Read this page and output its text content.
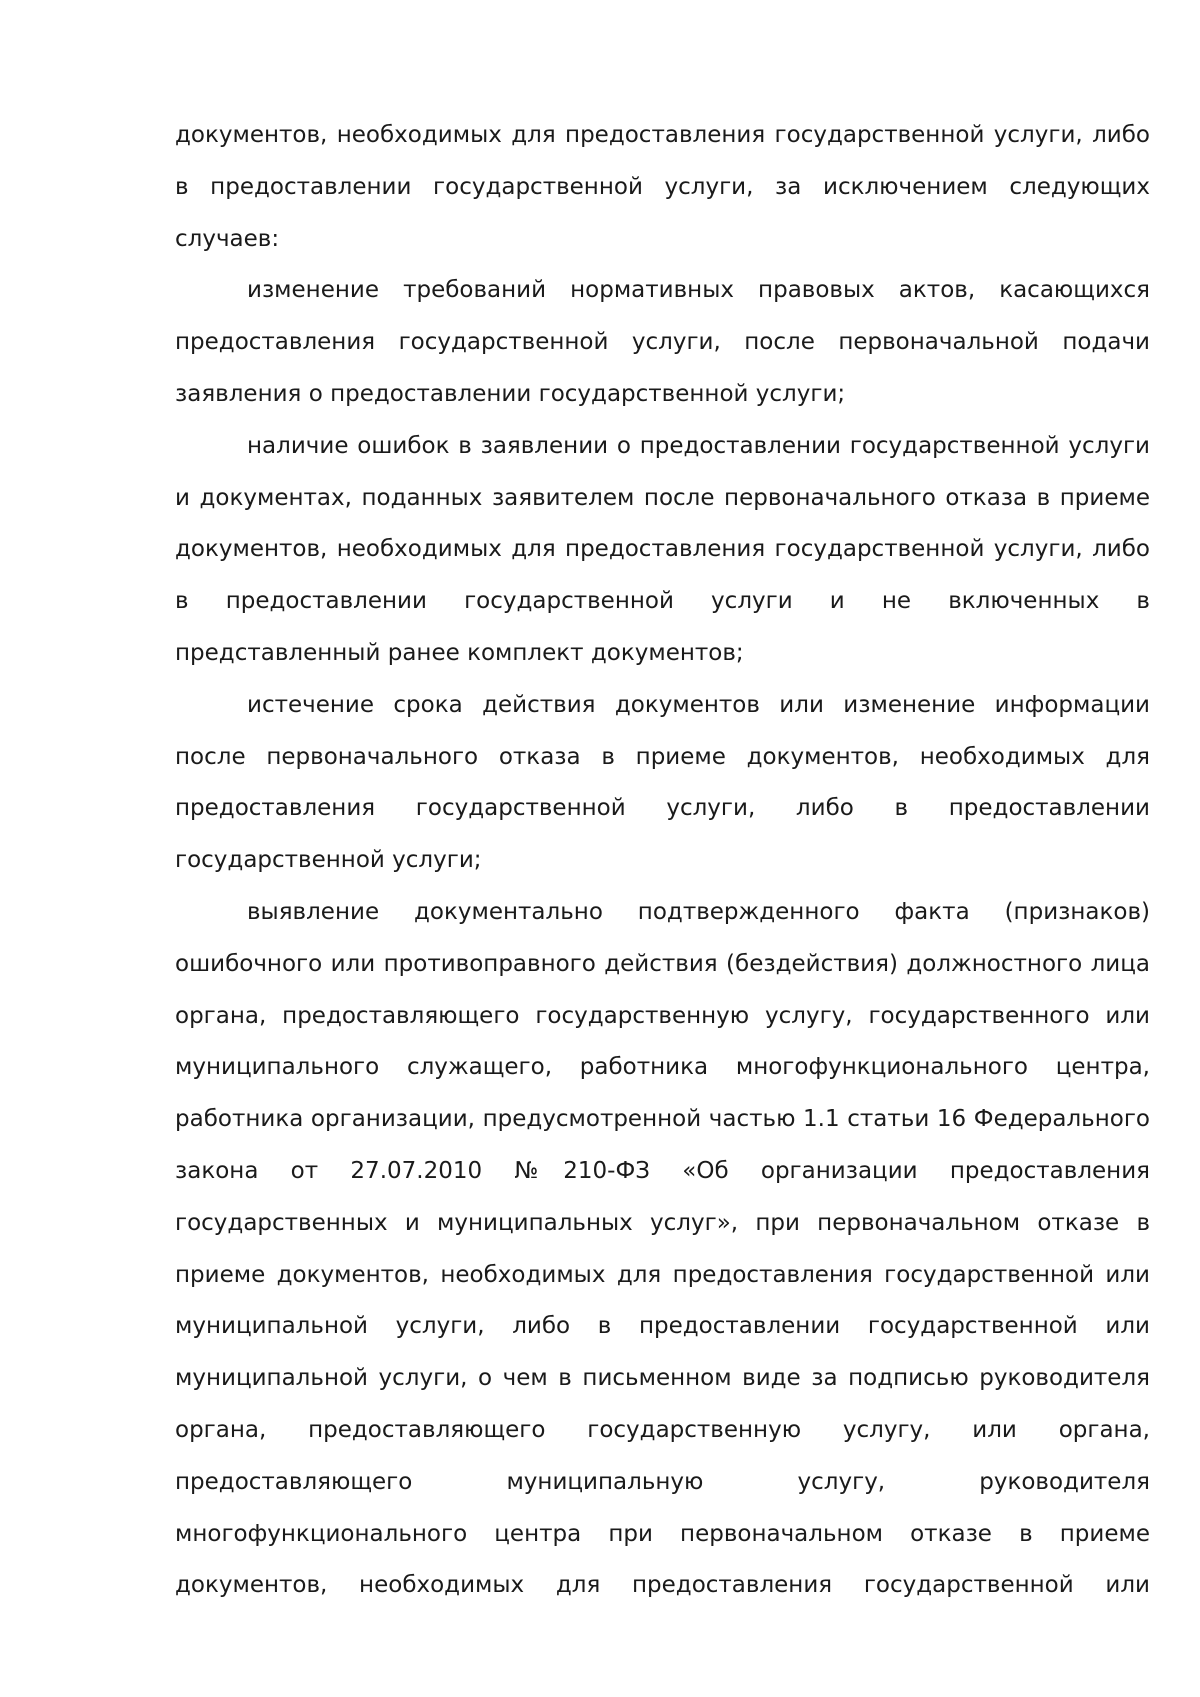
документов, необходимых для предоставления государственной услуги, либо в предоставлении государственной услуги, за исключением следующих случаев:

изменение требований нормативных правовых актов, касающихся предоставления государственной услуги, после первоначальной подачи заявления о предоставлении государственной услуги;

наличие ошибок в заявлении о предоставлении государственной услуги и документах, поданных заявителем после первоначального отказа в приеме документов, необходимых для предоставления государственной услуги, либо в предоставлении государственной услуги и не включенных в представленный ранее комплект документов;

истечение срока действия документов или изменение информации после первоначального отказа в приеме документов, необходимых для предоставления государственной услуги, либо в предоставлении государственной услуги;

выявление документально подтвержденного факта (признаков) ошибочного или противоправного действия (бездействия) должностного лица органа, предоставляющего государственную услугу, государственного или муниципального служащего, работника многофункционального центра, работника организации, предусмотренной частью 1.1 статьи 16 Федерального закона от 27.07.2010 №210-ФЗ «Об организации предоставления государственных и муниципальных услуг», при первоначальном отказе в приеме документов, необходимых для предоставления государственной или муниципальной услуги, либо в предоставлении государственной или муниципальной услуги, о чем в письменном виде за подписью руководителя органа, предоставляющего государственную услугу, или органа, предоставляющего муниципальную услугу, руководителя многофункционального центра при первоначальном отказе в приеме документов, необходимых для предоставления государственной или
